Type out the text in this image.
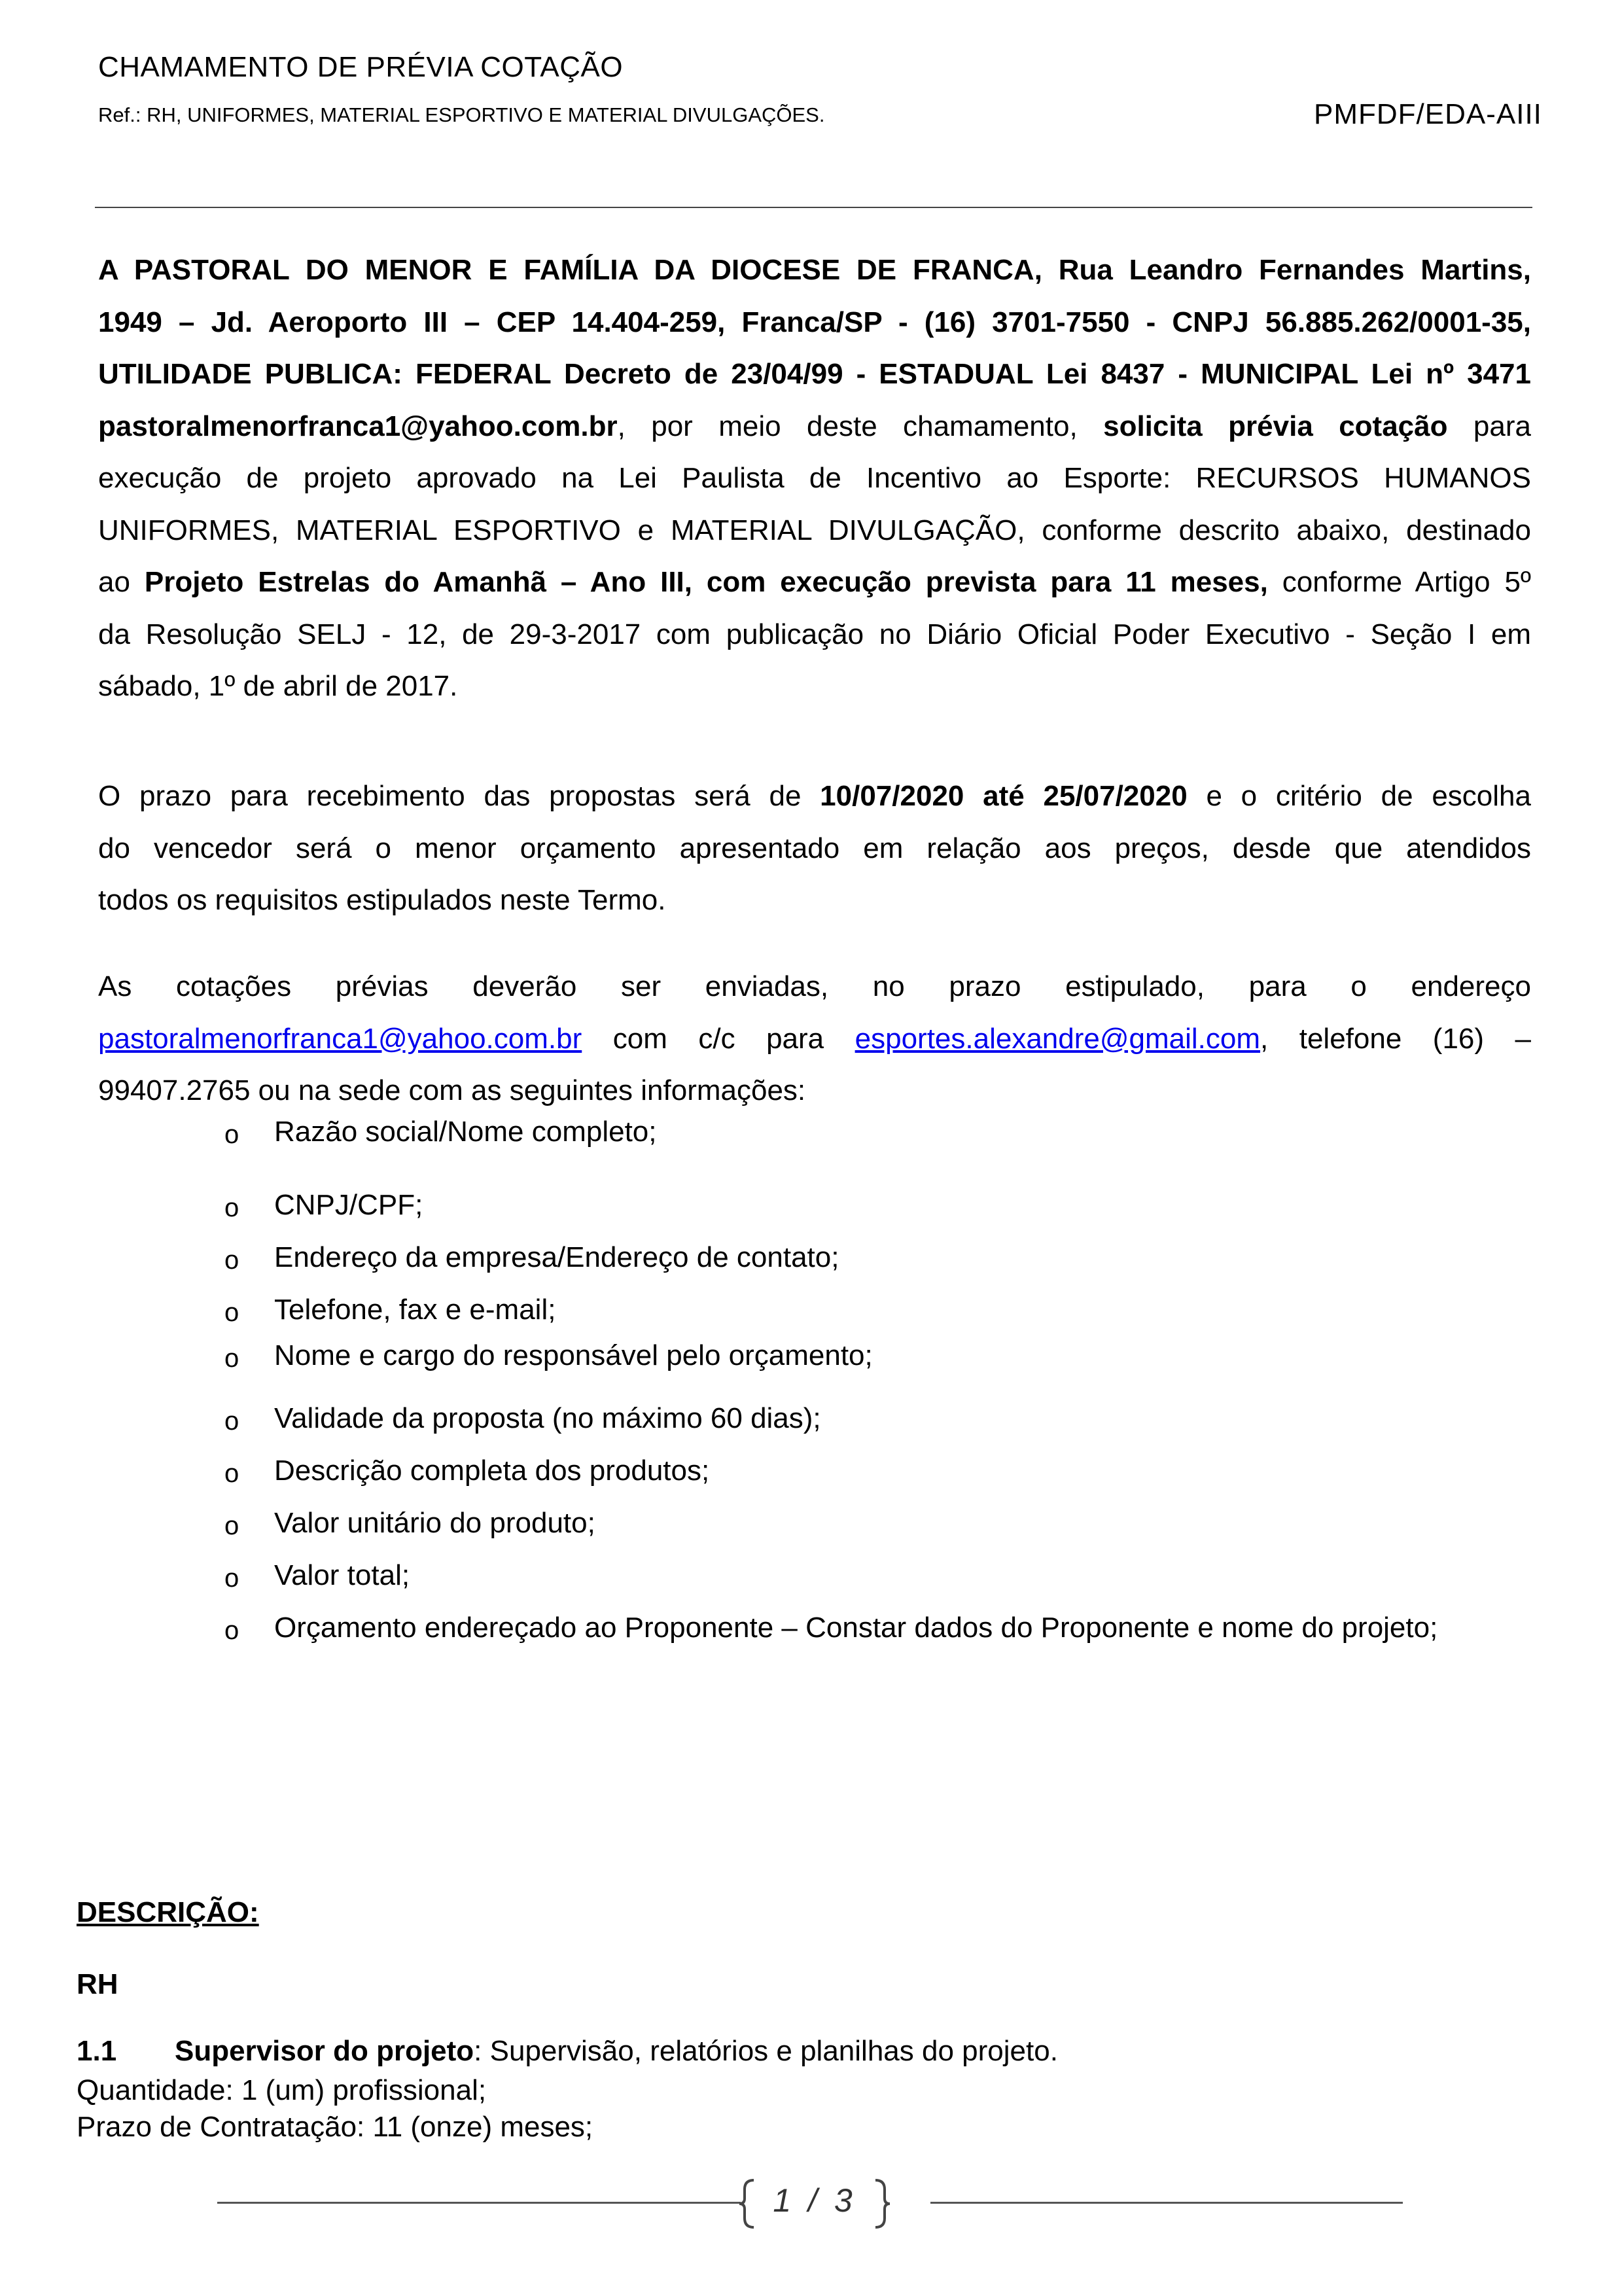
CHAMAMENTO DE PRÉVIA COTAÇÃO
Ref.: RH, UNIFORMES, MATERIAL ESPORTIVO E MATERIAL DIVULGAÇÕES.	PMFDF/EDA-AIII
A PASTORAL DO MENOR E FAMÍLIA DA DIOCESE DE FRANCA, Rua Leandro Fernandes Martins,
1949 – Jd. Aeroporto III – CEP 14.404-259, Franca/SP - (16) 3701-7550 - CNPJ 56.885.262/0001-35,
UTILIDADE PUBLICA: FEDERAL Decreto de 23/04/99 - ESTADUAL Lei 8437 - MUNICIPAL Lei nº 3471
pastoralmenorfranca1@yahoo.com.br, por meio deste chamamento, solicita prévia cotação para
execução de projeto aprovado na Lei Paulista de Incentivo ao Esporte: RECURSOS HUMANOS
UNIFORMES, MATERIAL ESPORTIVO e MATERIAL DIVULGAÇÃO, conforme descrito abaixo, destinado
ao Projeto Estrelas do Amanhã – Ano III, com execução prevista para 11 meses, conforme Artigo 5º
da Resolução SELJ - 12, de 29-3-2017 com publicação no Diário Oficial Poder Executivo - Seção I em
sábado, 1º de abril de 2017.
O prazo para recebimento das propostas será de 10/07/2020 até 25/07/2020 e o critério de escolha
do vencedor será o menor orçamento apresentado em relação aos preços, desde que atendidos
todos os requisitos estipulados neste Termo.
As cotações prévias deverão ser enviadas, no prazo estipulado, para o endereço
pastoralmenorfranca1@yahoo.com.br com c/c para esportes.alexandre@gmail.com, telefone (16) –
99407.2765 ou na sede com as seguintes informações:
o Razão social/Nome completo;
o CNPJ/CPF;
o Endereço da empresa/Endereço de contato;
o Telefone, fax e e-mail;
o Nome e cargo do responsável pelo orçamento;
o Validade da proposta (no máximo 60 dias);
o Descrição completa dos produtos;
o Valor unitário do produto;
o Valor total;
o Orçamento endereçado ao Proponente – Constar dados do Proponente e nome do projeto;
DESCRIÇÃO:
RH
1.1 Supervisor do projeto: Supervisão, relatórios e planilhas do projeto.
Quantidade: 1 (um) profissional;
Prazo de Contratação: 11 (onze) meses;
1 / 3
